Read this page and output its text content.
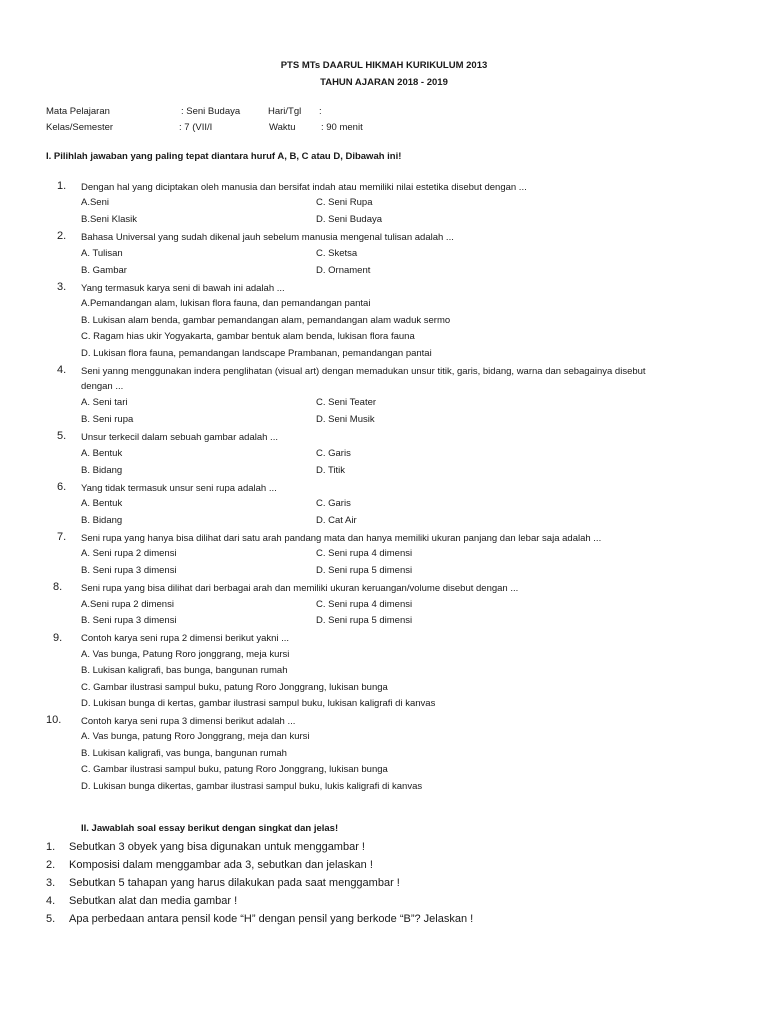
PTS MTs DAARUL HIKMAH KURIKULUM 2013
TAHUN AJARAN 2018 - 2019
Mata Pelajaran	: Seni Budaya	Hari/Tgl :
Kelas/Semester	: 7 (VII/I	Waktu	: 90 menit
I. Pilihlah jawaban yang paling tepat diantara huruf A, B, C atau D, Dibawah ini!
1. Dengan hal yang diciptakan oleh manusia dan bersifat indah atau memiliki nilai estetika disebut dengan ...
A.Seni	C. Seni Rupa
B.Seni Klasik	D. Seni Budaya
2. Bahasa Universal yang sudah dikenal jauh sebelum manusia mengenal tulisan adalah ...
A. Tulisan	C. Sketsa
B. Gambar	D. Ornament
3. Yang termasuk karya seni di bawah ini adalah ...
A.Pemandangan alam, lukisan flora fauna, dan pemandangan pantai
B. Lukisan alam benda, gambar pemandangan alam, pemandangan alam waduk sermo
C. Ragam hias ukir Yogyakarta, gambar bentuk alam benda, lukisan flora fauna
D. Lukisan flora fauna, pemandangan landscape Prambanan, pemandangan pantai
4. Seni yanng menggunakan indera penglihatan (visual art) dengan memadukan unsur titik, garis, bidang, warna dan sebagainya disebut
dengan ...
A. Seni tari	C. Seni Teater
B. Seni rupa	D. Seni Musik
5. Unsur terkecil dalam sebuah gambar adalah ...
A. Bentuk	C. Garis
B. Bidang	D. Titik
6. Yang tidak termasuk unsur seni rupa adalah ...
A. Bentuk	C. Garis
B. Bidang	D. Cat Air
7. Seni rupa yang hanya bisa dilihat dari satu arah pandang mata dan hanya memiliki ukuran panjang dan lebar saja adalah ...
A. Seni rupa 2 dimensi	C. Seni rupa 4 dimensi
B. Seni rupa 3 dimensi	D. Seni rupa 5 dimensi
8. Seni rupa yang bisa dilihat dari berbagai arah dan memiliki ukuran keruangan/volume disebut dengan ...
A.Seni rupa 2 dimensi	C. Seni rupa 4 dimensi
B. Seni rupa 3 dimensi	D. Seni rupa 5 dimensi
9. Contoh karya seni rupa 2 dimensi berikut yakni ...
A. Vas bunga, Patung Roro jonggrang, meja kursi
B. Lukisan kaligrafi, bas bunga, bangunan rumah
C. Gambar ilustrasi sampul buku, patung Roro Jonggrang, lukisan bunga
D. Lukisan bunga di kertas, gambar ilustrasi sampul buku, lukisan kaligrafi di kanvas
10. Contoh karya seni rupa 3 dimensi berikut adalah ...
A. Vas bunga, patung Roro Jonggrang, meja dan kursi
B. Lukisan kaligrafi, vas bunga, bangunan rumah
C. Gambar ilustrasi sampul buku, patung Roro Jonggrang, lukisan bunga
D. Lukisan bunga dikertas, gambar ilustrasi sampul buku, lukis kaligrafi di kanvas
II. Jawablah soal essay berikut dengan singkat dan jelas!
1. Sebutkan 3 obyek yang bisa digunakan untuk menggambar !
2. Komposisi dalam menggambar ada 3, sebutkan dan jelaskan !
3. Sebutkan 5 tahapan yang harus dilakukan pada saat menggambar !
4. Sebutkan alat dan media gambar !
5. Apa perbedaan antara pensil kode “H” dengan pensil yang berkode “B”? Jelaskan !
